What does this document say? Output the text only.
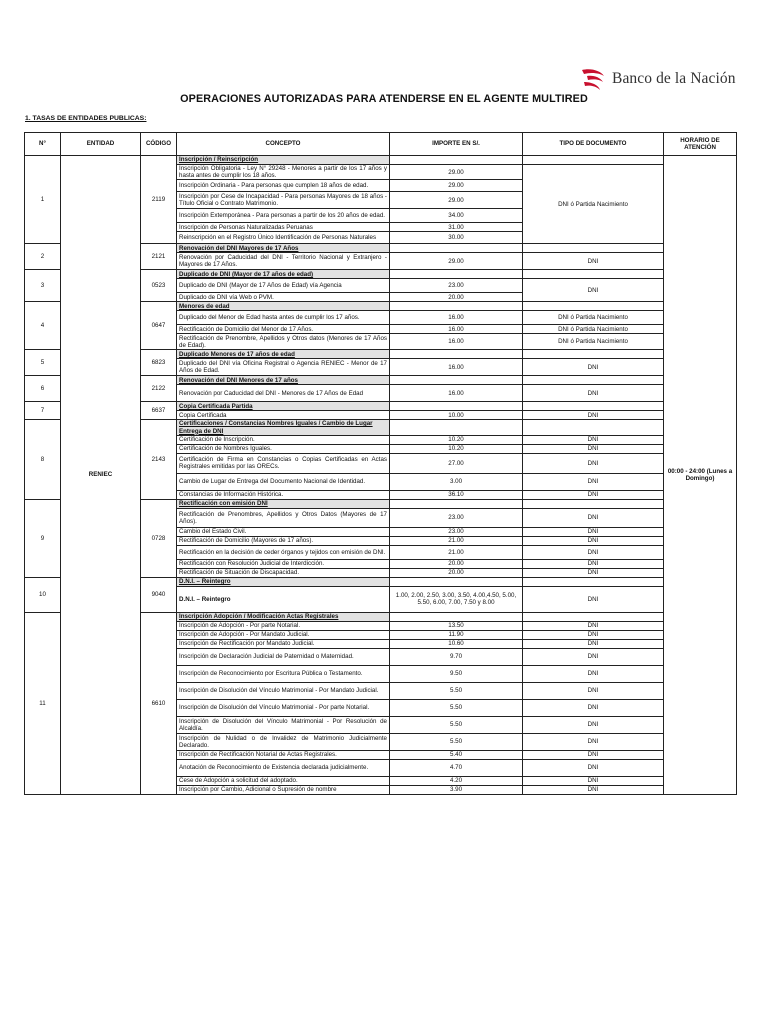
Banco de la Nación
OPERACIONES AUTORIZADAS PARA ATENDERSE EN EL AGENTE MULTIRED
1. TASAS DE ENTIDADES PUBLICAS:
N°	ENTIDAD	CÓDIGO	CONCEPTO	IMPORTE EN S/.	TIPO DE DOCUMENTO	HORARIO DE ATENCIÓN
1	RENIEC	2119	Inscripción / Reinscripción			00:00 - 24:00 (Lunes a Domingo)
			Inscripción Obligatoria - Ley N° 29248 - Menores a partir de los 17 años y hasta antes de cumplir los 18 años.	29.00	DNI ó Partida Nacimiento	
			Inscripción Ordinaria - Para personas que cumplen 18 años de edad.	29.00		
			Inscripción por Cese de Incapacidad - Para personas Mayores de 18 años - Título Oficial o Contrato Matrimonio.	29.00		
			Inscripción Extemporánea - Para personas a partir de los 20 años de edad.	34.00		
			Inscripción de Personas Naturalizadas Peruanas	31.00		
			Reinscripción en el Registro Único Identificación de Personas Naturales	30.00		
2		2121	Renovación del DNI Mayores de 17 Años			
			Renovación por Caducidad del DNI - Territorio Nacional y Extranjero - Mayores de 17 Años.	29.00	DNI	
3		0523	Duplicado de DNI (Mayor de 17 años de edad)			
			Duplicado de DNI (Mayor de 17 Años de Edad) vía Agencia	23.00	DNI	
			Duplicado de DNI vía Web o PVM.	20.00		
4		0647	Menores de edad			
			Duplicado del Menor de Edad hasta antes de cumplir los 17 años.	16.00	DNI ó Partida Nacimiento	
			Rectificación de Domicilio del Menor de 17 Años.	16.00	DNI ó Partida Nacimiento	
			Rectificación de Prenombre, Apellidos y Otros datos (Menores de 17 Años de Edad).	16.00	DNI ó Partida Nacimiento	
5		6823	Duplicado Menores de 17 años de edad			
			Duplicado del DNI vía Oficina Registral o Agencia RENIEC - Menor de 17 Años de Edad.	16.00	DNI	
6		2122	Renovación del DNI Menores de 17 años			
			Renovación por Caducidad del DNI - Menores de 17 Años de Edad	16.00	DNI	
7		6637	Copia Certificada Partida			
			Copia Certificada	10.00	DNI	
8		2143	Certificaciones / Constancias Nombres Iguales / Cambio de Lugar Entrega de DNI			
			Certificación de Inscripción.	10.20	DNI	
			Certificación de Nombres Iguales.	10.20	DNI	
			Certificación de Firma en Constancias o Copias Certificadas en Actas Registrales emitidas por las ORECs.	27.00	DNI	
			Cambio de Lugar de Entrega del Documento Nacional de Identidad.	3.00	DNI	
			Constancias de Información Histórica.	36.10	DNI	
9		0728	Rectificación con emisión DNI			
			Rectificación de Prenombres, Apellidos y Otros Datos (Mayores de 17 Años).	23.00	DNI	
			Cambio del Estado Civil.	23.00	DNI	
			Rectificación de Domicilio (Mayores de 17 años).	21.00	DNI	
			Rectificación en la decisión de ceder órganos y tejidos con emisión de DNI.	21.00	DNI	
			Rectificación con Resolución Judicial de Interdicción.	20.00	DNI	
			Rectificación de Situación de Discapacidad.	20.00	DNI	
10		9040	D.N.I. – Reintegro			
			D.N.I. – Reintegro	1.00, 2.00, 2.50, 3.00, 3.50, 4.00,4.50, 5.00, 5.50, 6.00, 7.00, 7.50 y 8.00	DNI	
11		6610	Inscripción Adopción / Modificación Actas Registrales			
			Inscripción de Adopción - Por parte Notarial.	13.50	DNI	
			Inscripción de Adopción - Por Mandato Judicial.	11.90	DNI	
			Inscripción de Rectificación por Mandato Judicial.	10.60	DNI	
			Inscripción de Declaración Judicial de Paternidad o Maternidad.	9.70	DNI	
			Inscripción de Reconocimiento por Escritura Pública o Testamento.	9.50	DNI	
			Inscripción de Disolución del Vínculo Matrimonial - Por Mandato Judicial.	5.50	DNI	
			Inscripción de Disolución del Vínculo Matrimonial - Por parte Notarial.	5.50	DNI	
			Inscripción de Disolución del Vínculo Matrimonial - Por Resolución de Alcaldía.	5.50	DNI	
			Inscripción de Nulidad o de Invalidez de Matrimonio Judicialmente Declarado.	5.50	DNI	
			Inscripción de Rectificación Notarial de Actas Registrales.	5.40	DNI	
			Anotación de Reconocimiento de Existencia declarada judicialmente.	4.70	DNI	
			Cese de Adopción a solicitud del adoptado.	4.20	DNI	
			Inscripción por Cambio, Adicional o Supresión de nombre	3.90	DNI	
